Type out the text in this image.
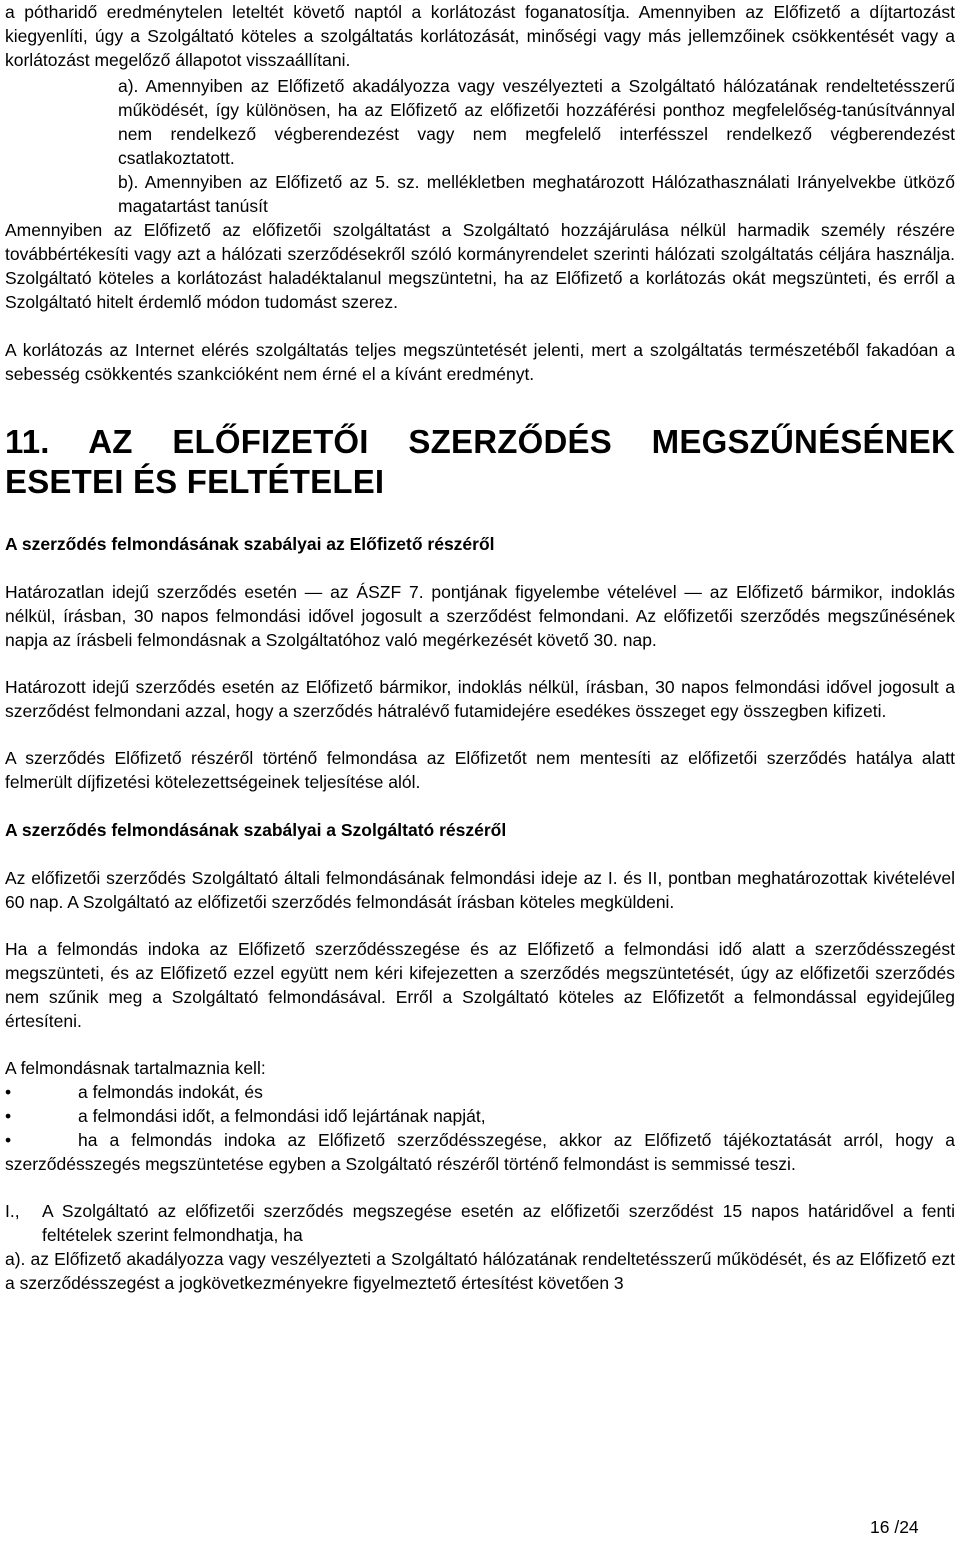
a pótharidő eredménytelen leteltét követő naptól a korlátozást foganatosítja. Amennyiben az Előfizető a díjtartozást kiegyenlíti, úgy a Szolgáltató köteles a szolgáltatás korlátozását, minőségi vagy más jellemzőinek csökkentését vagy a korlátozást megelőző állapotot visszaállítani.

a). Amennyiben az Előfizető akadályozza vagy veszélyezteti a Szolgáltató hálózatának rendeltetésszerű működését, így különösen, ha az Előfizető az előfizetői hozzáférési ponthoz megfelelőség-tanúsítvánnyal nem rendelkező végberendezést vagy nem megfelelő interfésszel rendelkező végberendezést csatlakoztatott.

b). Amennyiben az Előfizető az 5. sz. mellékletben meghatározott Hálózathasználati Irányelvekbe ütköző magatartást tanúsít

Amennyiben az Előfizető az előfizetői szolgáltatást a Szolgáltató hozzájárulása nélkül harmadik személy részére továbbértékesíti vagy azt a hálózati szerződésekről szóló kormányrendelet szerinti hálózati szolgáltatás céljára használja. Szolgáltató köteles a korlátozást haladéktalanul megszüntetni, ha az Előfizető a korlátozás okát megszünteti, és erről a Szolgáltató hitelt érdemlő módon tudomást szerez.

A korlátozás az Internet elérés szolgáltatás teljes megszüntetését jelenti, mert a szolgáltatás természetéből fakadóan a sebesség csökkentés szankcióként nem érné el a kívánt eredményt.

11. AZ ELŐFIZETŐI SZERZŐDÉS MEGSZŰNÉSÉNEK ESETEI ÉS FELTÉTELEI
A szerződés felmondásának szabályai az Előfizető részéről

Határozatlan idejű szerződés esetén — az ÁSZF 7. pontjának figyelembe vételével — az Előfizető bármikor, indoklás nélkül, írásban, 30 napos felmondási idővel jogosult a szerződést felmondani. Az előfizetői szerződés megszűnésének napja az írásbeli felmondásnak a Szolgáltatóhoz való megérkezését követő 30. nap.

Határozott idejű szerződés esetén az Előfizető bármikor, indoklás nélkül, írásban, 30 napos felmondási idővel jogosult a szerződést felmondani azzal, hogy a szerződés hátralévő futamidejére esedékes összeget egy összegben kifizeti.

A szerződés Előfizető részéről történő felmondása az Előfizetőt nem mentesíti az előfizetői szerződés hatálya alatt felmerült díjfizetési kötelezettségeinek teljesítése alól.

A szerződés felmondásának szabályai a Szolgáltató részéről

Az előfizetői szerződés Szolgáltató általi felmondásának felmondási ideje az I. és II, pontban meghatározottak kivételével 60 nap. A Szolgáltató az előfizetői szerződés felmondását írásban köteles megküldeni.

Ha a felmondás indoka az Előfizető szerződésszegése és az Előfizető a felmondási idő alatt a szerződésszegést megszünteti, és az Előfizető ezzel együtt nem kéri kifejezetten a szerződés megszüntetését, úgy az előfizetői szerződés nem szűnik meg a Szolgáltató felmondásával. Erről a Szolgáltató köteles az Előfizetőt a felmondással egyidejűleg értesíteni.

A felmondásnak tartalmaznia kell:

•	a felmondás indokát, és
•	a felmondási időt, a felmondási idő lejártának napját,
•	ha a felmondás indoka az Előfizető szerződésszegése, akkor az Előfizető tájékoztatását arról, hogy a szerződésszegés megszüntetése egyben a Szolgáltató részéről történő felmondást is semmissé teszi.
I., A Szolgáltató az előfizetői szerződés megszegése esetén az előfizetői szerződést 15 napos határidővel a fenti feltételek szerint felmondhatja, ha

a). az Előfizető akadályozza vagy veszélyezteti a Szolgáltató hálózatának rendeltetésszerű működését, és az Előfizető ezt a szerződésszegést a jogkövetkezményekre figyelmeztető értesítést követően 3

16 /24
